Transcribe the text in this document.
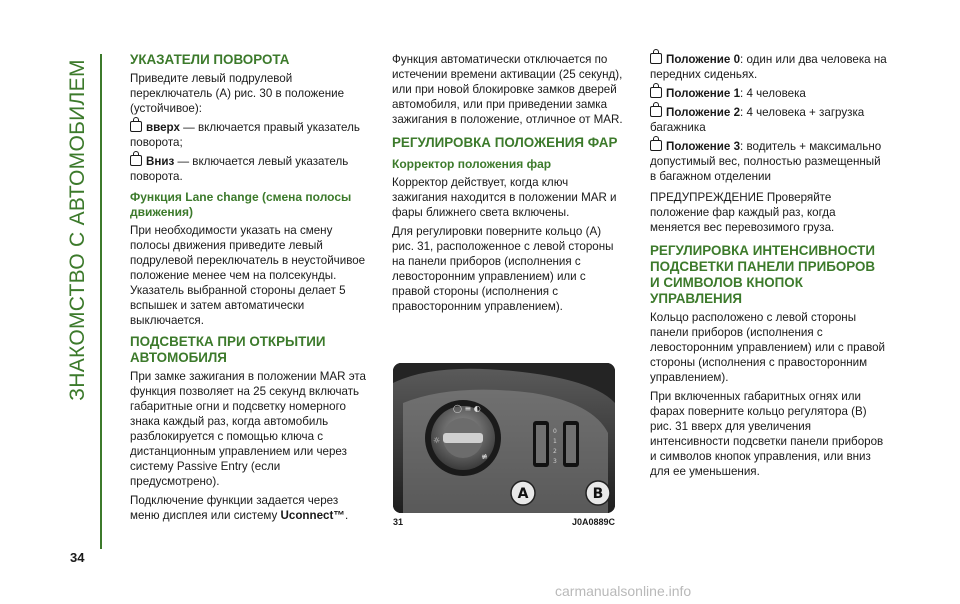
ЗНАКОМСТВО С АВТОМОБИЛЕМ
34
УКАЗАТЕЛИ ПОВОРОТА

Приведите левый подрулевой переключатель (А) рис. 30 в положение (устойчивое):

вверх — включается правый указатель поворота;

Вниз — включается левый указатель поворота.

Функция Lane change (смена полосы движения)

При необходимости указать на смену полосы движения приведите левый подрулевой переключатель в неустойчивое положение менее чем на полсекунды. Указатель выбранной стороны делает 5 вспышек и затем автоматически выключается.

ПОДСВЕТКА ПРИ ОТКРЫТИИ АВТОМОБИЛЯ

При замке зажигания в положении MAR эта функция позволяет на 25 секунд включать габаритные огни и подсветку номерного знака каждый раз, когда автомобиль разблокируется с помощью ключа с дистанционным управлением или через систему Passive Entry (если предусмотрено).

Подключение функции задается через меню дисплея или систему Uconnect™.

Функция автоматически отключается по истечении времени активации (25 секунд), или при новой блокировке замков дверей автомобиля, или при приведении замка зажигания в положение, отличное от MAR.

РЕГУЛИРОВКА ПОЛОЖЕНИЯ ФАР
Корректор положения фар

Корректор действует, когда ключ зажигания находится в положении MAR и фары ближнего света включены.

Для регулировки поверните кольцо (А) рис. 31, расположенное с левой стороны на панели приборов (исполнения с левосторонним управлением) или с правой стороны (исполнения с правосторонним управлением).

◯ ≡ ◐
☼
≢
0
1
2
3
A	B
31	J0A0889C

Положение 0: один или два человека на передних сиденьях.

Положение 1: 4 человека

Положение 2: 4 человека + загрузка багажника

Положение 3: водитель + максимально допустимый вес, полностью размещенный в багажном отделении

ПРЕДУПРЕЖДЕНИЕ Проверяйте положение фар каждый раз, когда меняется вес перевозимого груза.

РЕГУЛИРОВКА ИНТЕНСИВНОСТИ ПОДСВЕТКИ ПАНЕЛИ ПРИБОРОВ И СИМВОЛОВ КНОПОК УПРАВЛЕНИЯ

Кольцо расположено с левой стороны панели приборов (исполнения с левосторонним управлением) или с правой стороны (исполнения с правосторонним управлением).

При включенных габаритных огнях или фарах поверните кольцо регулятора (В) рис. 31 вверх для увеличения интенсивности подсветки панели приборов и символов кнопок управления, или вниз для ее уменьшения.

carmanualsonline.info
